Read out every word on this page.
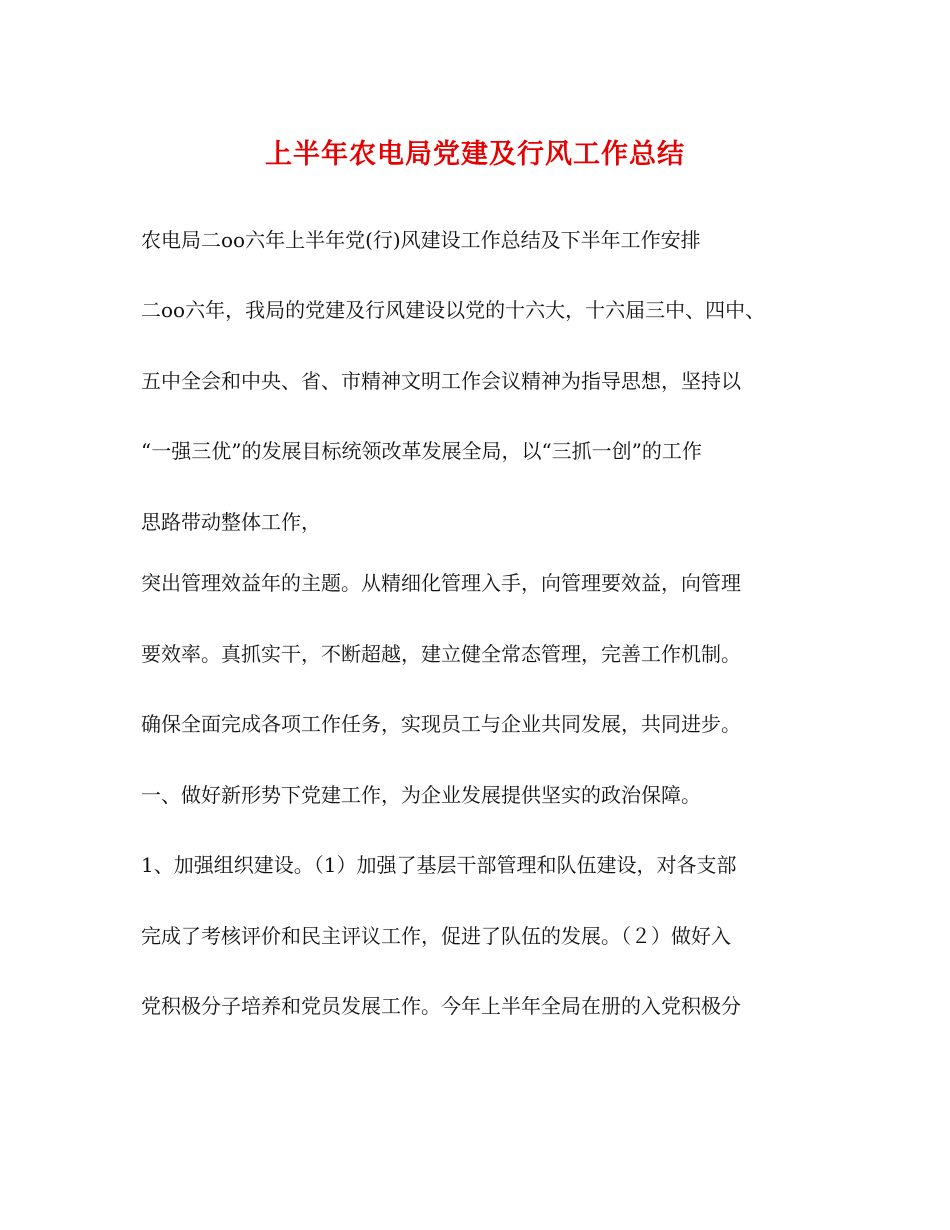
上半年农电局党建及行风工作总结
农电局二oo六年上半年党(行)风建设工作总结及下半年工作安排
二oo六年，我局的党建及行风建设以党的十六大，十六届三中、四中、
五中全会和中央、省、市精神文明工作会议精神为指导思想，坚持以
“一强三优”的发展目标统领改革发展全局，以“三抓一创”的工作
思路带动整体工作，
突出管理效益年的主题。从精细化管理入手，向管理要效益，向管理
要效率。真抓实干，不断超越，建立健全常态管理，完善工作机制。
确保全面完成各项工作任务，实现员工与企业共同发展，共同进步。
一、做好新形势下党建工作，为企业发展提供坚实的政治保障。
1、加强组织建设。（1）加强了基层干部管理和队伍建设，对各支部
完成了考核评价和民主评议工作，促进了队伍的发展。（２）做好入
党积极分子培养和党员发展工作。今年上半年全局在册的入党积极分
